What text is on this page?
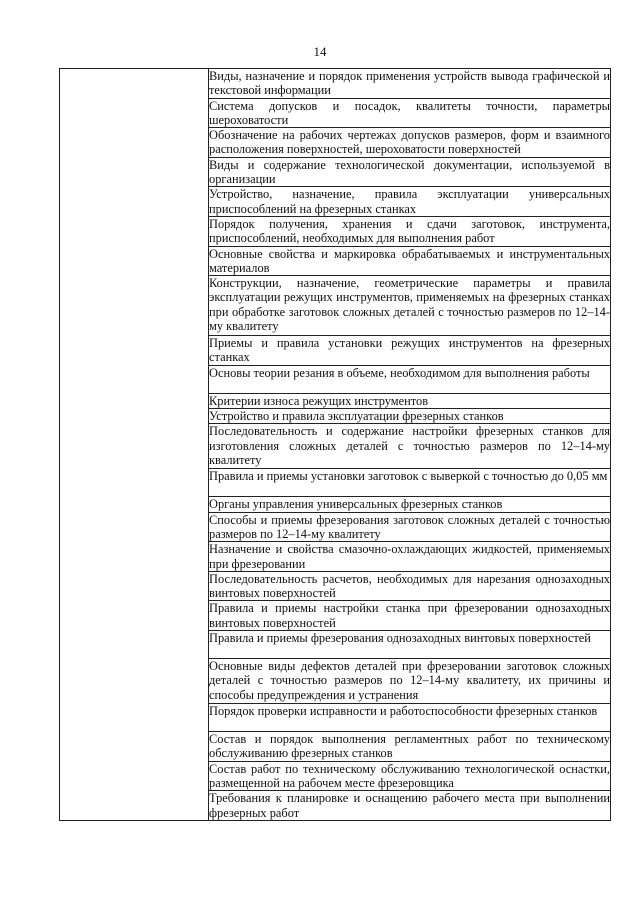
14
	Виды, назначение и порядок применения устройств вывода графической и текстовой информации
Система допусков и посадок, квалитеты точности, параметры шероховатости
Обозначение на рабочих чертежах допусков размеров, форм и взаимного расположения поверхностей, шероховатости поверхностей
Виды и содержание технологической документации, используемой в организации
Устройство, назначение, правила эксплуатации универсальных приспособлений на фрезерных станках
Порядок получения, хранения и сдачи заготовок, инструмента, приспособлений, необходимых для выполнения работ
Основные свойства и маркировка обрабатываемых и инструментальных материалов
Конструкции, назначение, геометрические параметры и правила эксплуатации режущих инструментов, применяемых на фрезерных станках при обработке заготовок сложных деталей с точностью размеров по 12–14-му квалитету
Приемы и правила установки режущих инструментов на фрезерных станках
Основы теории резания в объеме, необходимом для выполнения работы
Критерии износа режущих инструментов
Устройство и правила эксплуатации фрезерных станков
Последовательность и содержание настройки фрезерных станков для изготовления сложных деталей с точностью размеров по 12–14-му квалитету
Правила и приемы установки заготовок с выверкой с точностью до 0,05 мм
Органы управления универсальных фрезерных станков
Способы и приемы фрезерования заготовок сложных деталей с точностью размеров по 12–14-му квалитету
Назначение и свойства смазочно-охлаждающих жидкостей, применяемых при фрезеровании
Последовательность расчетов, необходимых для нарезания однозаходных винтовых поверхностей
Правила и приемы настройки станка при фрезеровании однозаходных винтовых поверхностей
Правила и приемы фрезерования однозаходных винтовых поверхностей
Основные виды дефектов деталей при фрезеровании заготовок сложных деталей с точностью размеров по 12–14-му квалитету, их причины и способы предупреждения и устранения
Порядок проверки исправности и работоспособности фрезерных станков
Состав и порядок выполнения регламентных работ по техническому обслуживанию фрезерных станков
Состав работ по техническому обслуживанию технологической оснастки, размещенной на рабочем месте фрезеровщика
Требования к планировке и оснащению рабочего места при выполнении фрезерных работ
